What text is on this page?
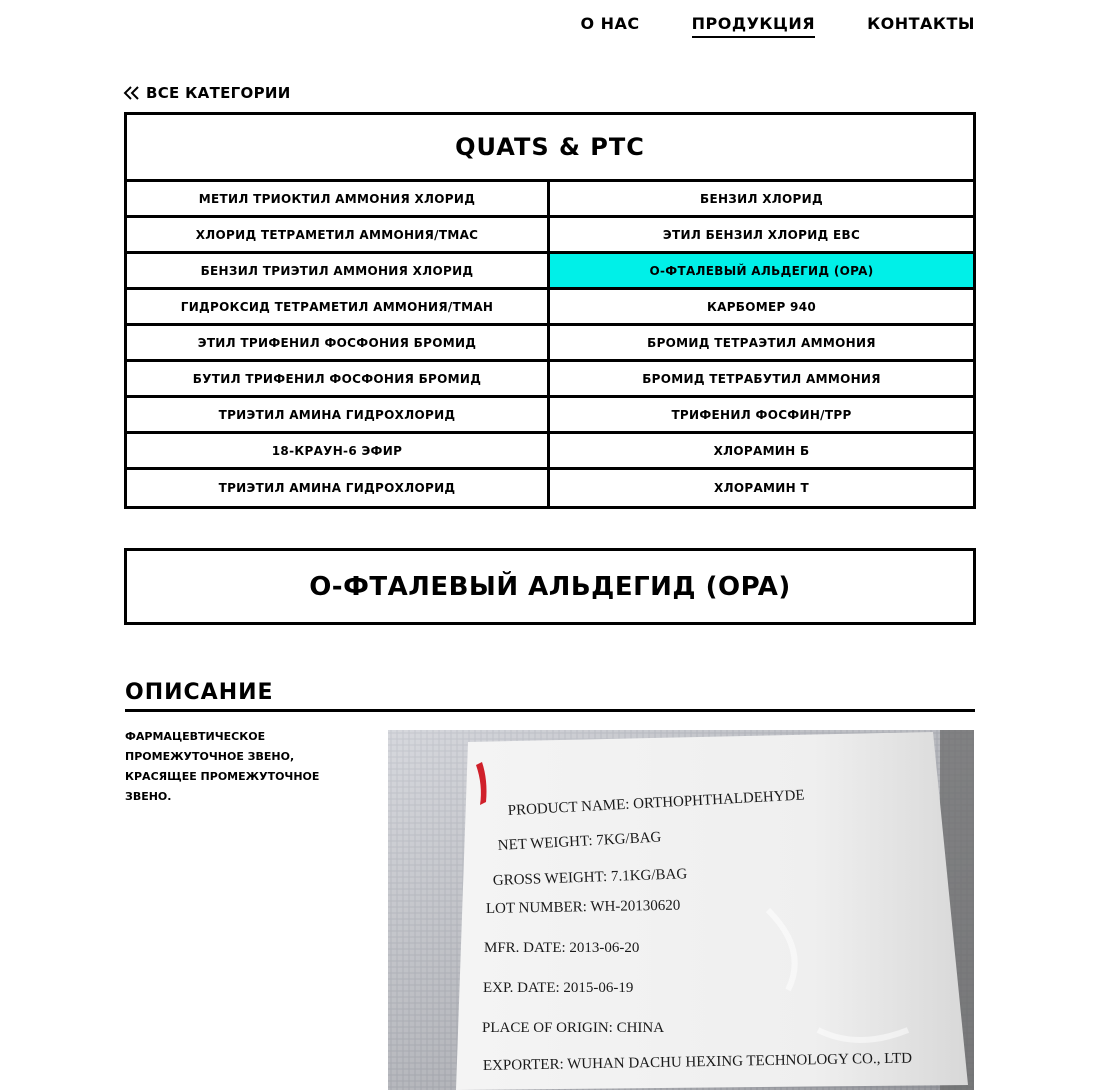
О НАС	ПРОДУКЦИЯ	КОНТАКТЫ
ВСЕ КАТЕГОРИИ
QUATS & PTC
МЕТИЛ ТРИОКТИЛ АММОНИЯ ХЛОРИД	БЕНЗИЛ ХЛОРИД
ХЛОРИД ТЕТРАМЕТИЛ АММОНИЯ/TMAC	ЭТИЛ БЕНЗИЛ ХЛОРИД EBC
БЕНЗИЛ ТРИЭТИЛ АММОНИЯ ХЛОРИД	О-ФТАЛЕВЫЙ АЛЬДЕГИД (OPA)
ГИДРОКСИД ТЕТРАМЕТИЛ АММОНИЯ/TMAH	КАРБОМЕР 940
ЭТИЛ ТРИФЕНИЛ ФОСФОНИЯ БРОМИД	БРОМИД ТЕТРАЭТИЛ АММОНИЯ
БУТИЛ ТРИФЕНИЛ ФОСФОНИЯ БРОМИД	БРОМИД ТЕТРАБУТИЛ АММОНИЯ
ТРИЭТИЛ АМИНА ГИДРОХЛОРИД	ТРИФЕНИЛ ФОСФИН/TPP
18-КРАУН-6 ЭФИР	ХЛОРАМИН Б
ТРИЭТИЛ АМИНА ГИДРОХЛОРИД	ХЛОРАМИН Т
О-ФТАЛЕВЫЙ АЛЬДЕГИД (OPA)
ОПИСАНИЕ

ФАРМАЦЕВТИЧЕСКОЕ ПРОМЕЖУТОЧНОЕ ЗВЕНО, КРАСЯЩЕЕ ПРОМЕЖУТОЧНОЕ ЗВЕНО.	PRODUCT NAME: ORTHOPHTHALDEHYDE
NET WEIGHT: 7KG/BAG
GROSS WEIGHT: 7.1KG/BAG
LOT NUMBER: WH-20130620
MFR. DATE: 2013-06-20
EXP. DATE: 2015-06-19
PLACE OF ORIGIN: CHINA
EXPORTER: WUHAN DACHU HEXING TECHNOLOGY CO., LTD
